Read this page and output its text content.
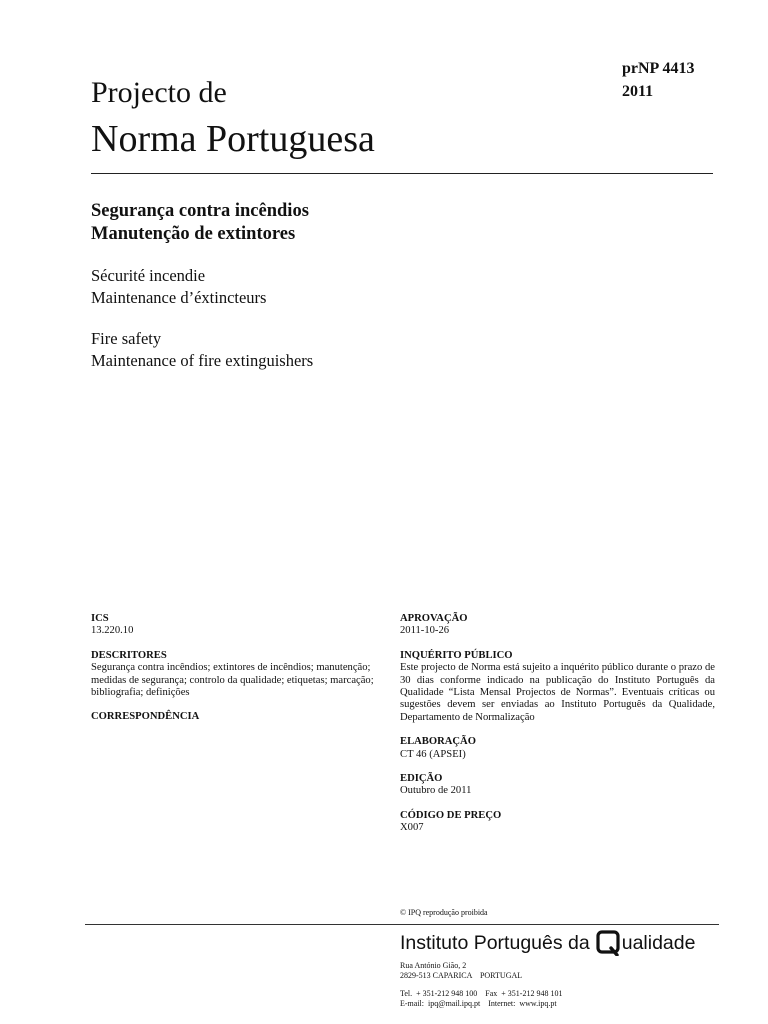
prNP 4413
2011
Projecto de
Norma Portuguesa
Segurança contra incêndios
Manutenção de extintores
Sécurité incendie
Maintenance d’éxtincteurs
Fire safety
Maintenance of fire extinguishers
ICS
13.220.10
DESCRITORES
Segurança contra incêndios; extintores de incêndios; manutenção; medidas de segurança; controlo da qualidade; etiquetas; marcação; bibliografia; definições
CORRESPONDÊNCIA
APROVAÇÃO
2011-10-26
INQUÉRITO PÚBLICO
Este projecto de Norma está sujeito a inquérito público durante o prazo de 30 dias conforme indicado na publicação do Instituto Português da Qualidade “Lista Mensal Projectos de Normas”. Eventuais críticas ou sugestões devem ser enviadas ao Instituto Português da Qualidade, Departamento de Normalização
ELABORAÇÃO
CT 46 (APSEI)
EDIÇÃO
Outubro de 2011
CÓDIGO DE PREÇO
X007
© IPQ reprodução proibida
Instituto Português da ualidade
Rua António Gião, 2
2829-513 CAPARICA    PORTUGAL
Tel.  + 351-212 948 100    Fax  + 351-212 948 101
E-mail:  ipq@mail.ipq.pt    Internet:  www.ipq.pt
